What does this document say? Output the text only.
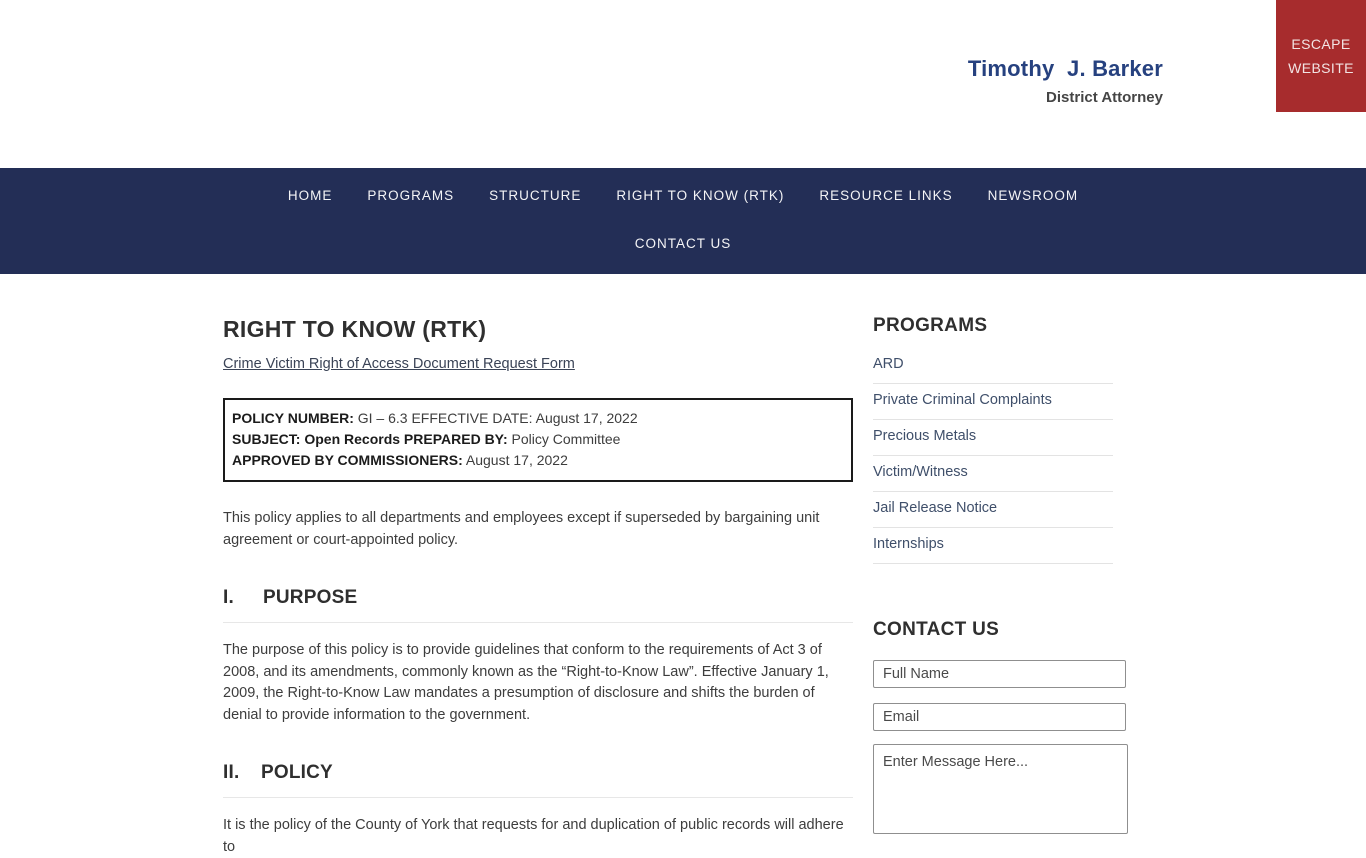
Timothy  J. Barker
District Attorney
ESCAPE
WEBSITE
HOME	PROGRAMS	STRUCTURE	RIGHT TO KNOW (RTK)	RESOURCE LINKS	NEWSROOM
CONTACT US
RIGHT TO KNOW (RTK)
Crime Victim Right of Access Document Request Form
POLICY NUMBER: GI – 6.3 EFFECTIVE DATE: August 17, 2022
SUBJECT: Open Records PREPARED BY: Policy Committee
APPROVED BY COMMISSIONERS: August 17, 2022

This policy applies to all departments and employees except if superseded by bargaining unit agreement or court-appointed policy.

I. PURPOSE

The purpose of this policy is to provide guidelines that conform to the requirements of Act 3 of 2008, and its amendments, commonly known as the “Right-to-Know Law”. Effective January 1, 2009, the Right-to-Know Law mandates a presumption of disclosure and shifts the burden of denial to provide information to the government.

II. POLICY

It is the policy of the County of York that requests for and duplication of public records will adhere to

PROGRAMS
ARD
Private Criminal Complaints
Precious Metals
Victim/Witness
Jail Release Notice
Internships
CONTACT US
Full Name
Email
Enter Message Here...
